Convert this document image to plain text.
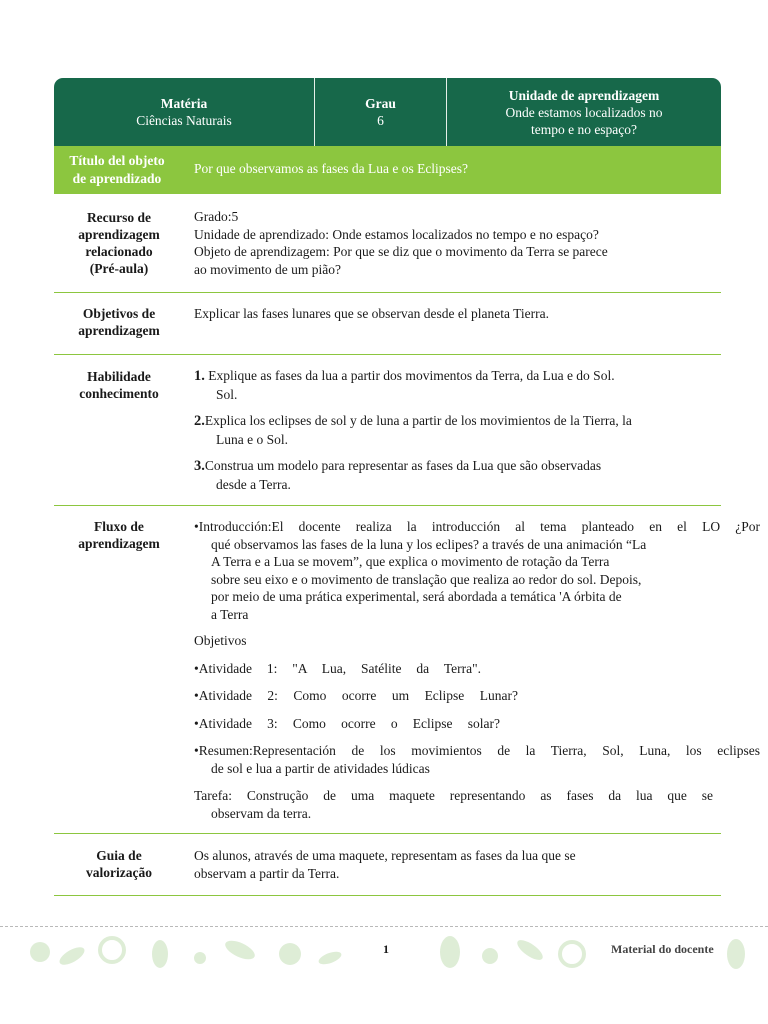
Matéria
Ciências Naturais
Grau
6
Unidade de aprendizagem
Onde estamos localizados no tempo e no espaço?
Título del objeto
de aprendizado
Por que observamos as fases da Lua e os Eclipses?
Recurso de
aprendizagem
relacionado
(Pré-aula)
Grado:5
Unidade de aprendizado: Onde estamos localizados no tempo e no espaço?
Objeto de aprendizagem: Por que se diz que o movimento da Terra se parece
ao movimento de um pião?
Objetivos de
aprendizagem
Explicar las fases lunares que se observan desde el planeta Tierra.
Habilidade
conhecimento
1. Explique as fases da lua a partir dos movimentos da Terra, da Lua e do Sol.
Sol.
2.Explica los eclipses de sol y de luna a partir de los movimientos de la Tierra, la
Luna e o Sol.
3.Construa um modelo para representar as fases da Lua que são observadas
desde a Terra.
Fluxo de
aprendizagem
•Introducción:El docente realiza la introducción al tema planteado en el LO ¿Por
qué observamos las fases de la luna y los eclipes? a través de una animación “La
A Terra e a Lua se movem”, que explica o movimento de rotação da Terra
sobre seu eixo e o movimento de translação que realiza ao redor do sol. Depois,
por meio de uma prática experimental, será abordada a temática 'A órbita de
a Terra
Objetivos
•Atividade 1: "A Lua, Satélite da Terra".
•Atividade 2: Como ocorre um Eclipse Lunar?
•Atividade 3: Como ocorre o Eclipse solar?
•Resumen:Representación de los movimientos de la Tierra, Sol, Luna, los eclipses
de sol e lua a partir de atividades lúdicas
Tarefa: Construção de uma maquete representando as fases da lua que se
observam da terra.
Guia de
valorização
Os alunos, através de uma maquete, representam as fases da lua que se
observam a partir da Terra.
1	Material do docente
